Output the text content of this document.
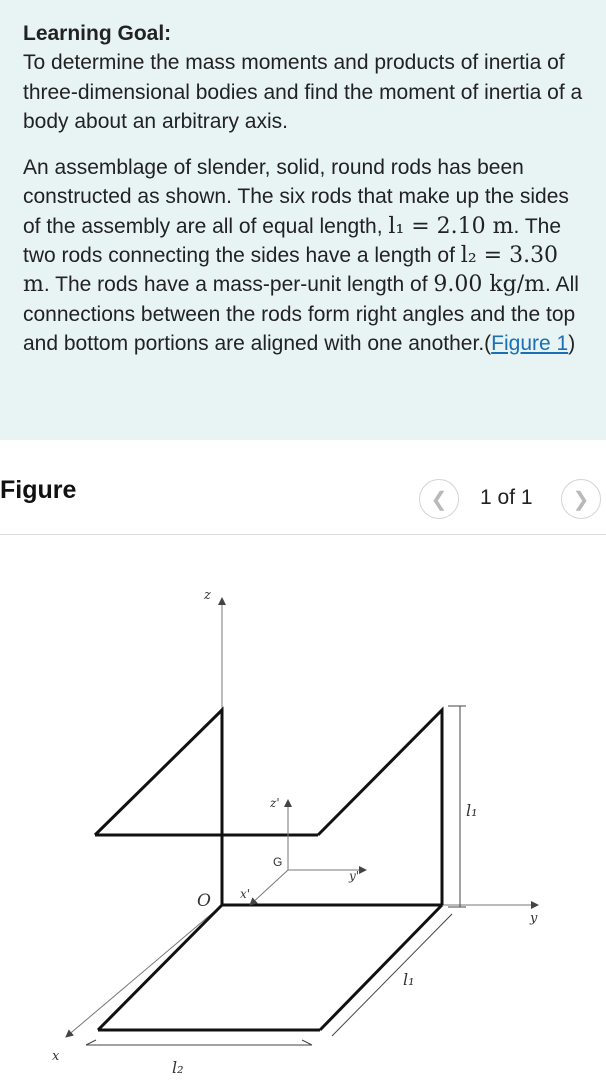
Learning Goal:

To determine the mass moments and products of inertia of three-dimensional bodies and find the moment of inertia of a body about an arbitrary axis.

An assemblage of slender, solid, round rods has been constructed as shown. The six rods that make up the sides of the assembly are all of equal length, l₁ = 2.10 m. The two rods connecting the sides have a length of l₂ = 3.30 m. The rods have a mass-per-unit length of 9.00 kg/m. All connections between the rods form right angles and the top and bottom portions are aligned with one another.(Figure 1)

Figure	❮ 1 of 1 ❯
z
z'
G
O x'
y'
y
x
l₁
l₁
l₂
